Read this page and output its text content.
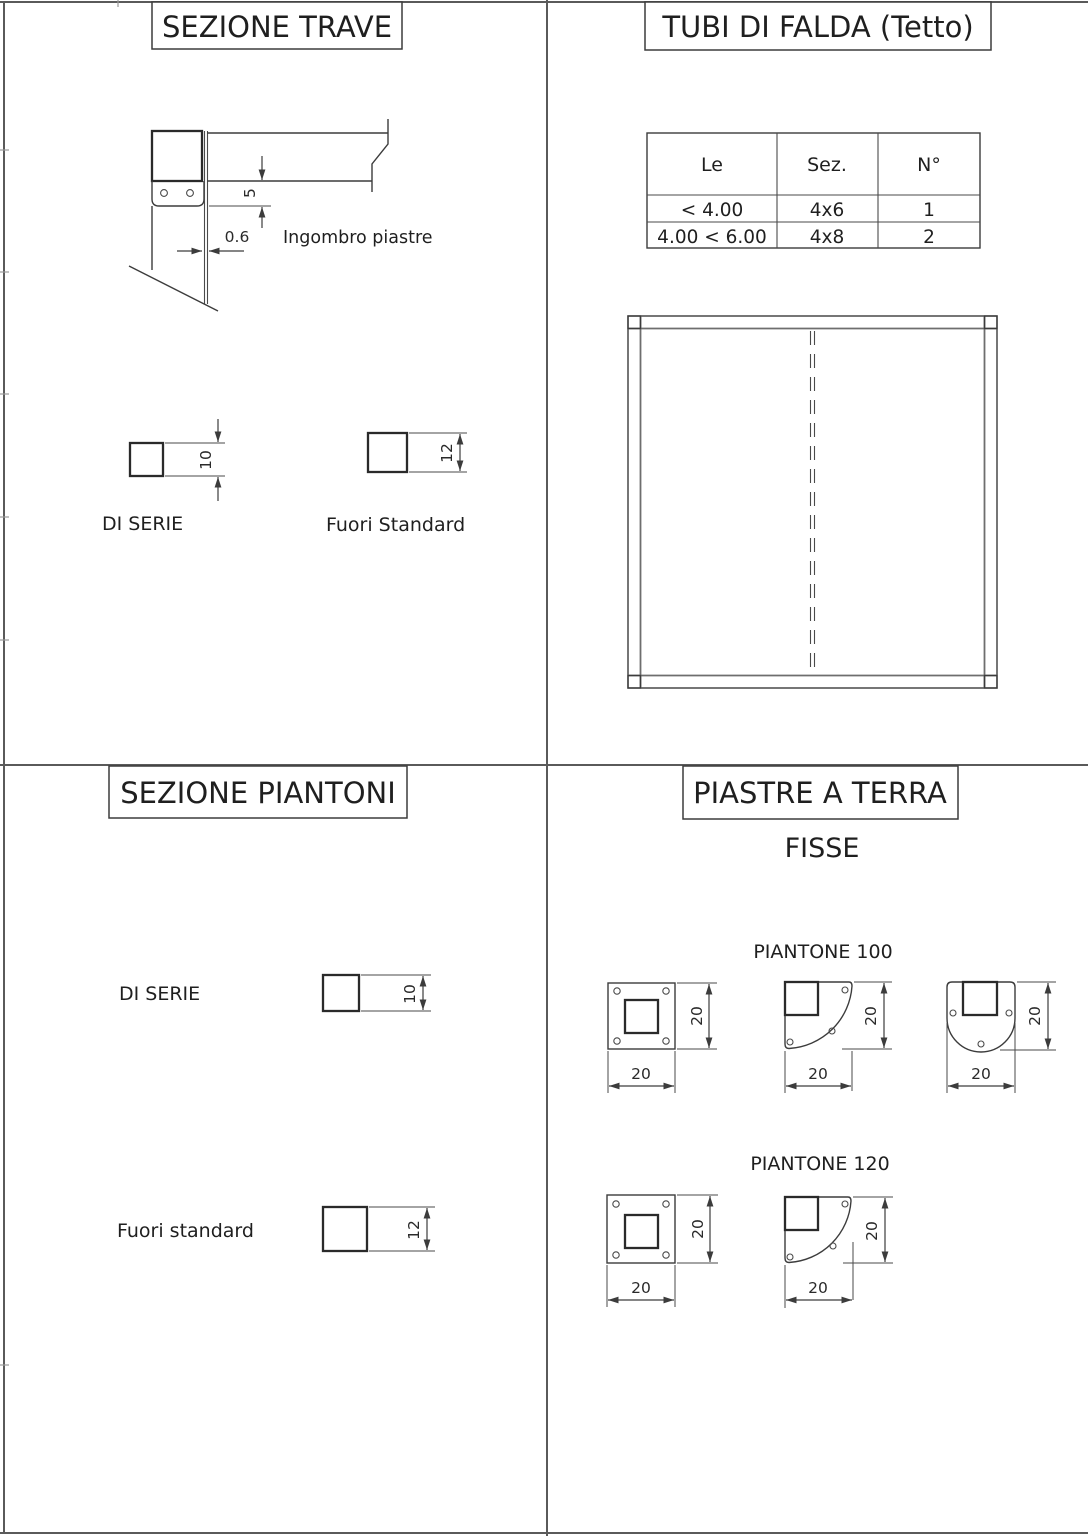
SEZIONE TRAVE
5
0.6 Ingombro piastre
10
DI SERIE
12
Fuori Standard
TUBI DI FALDA (Tetto)
Le	Sez.	N°
< 4.00	4x6	1
4.00 < 6.00 4x8	2
SEZIONE PIANTONI
DI SERIE	10
Fuori standard	12
PIASTRE A TERRA
FISSE
PIANTONE 100
20
20
20
20
20
20
PIANTONE 120
20
20
20
20
